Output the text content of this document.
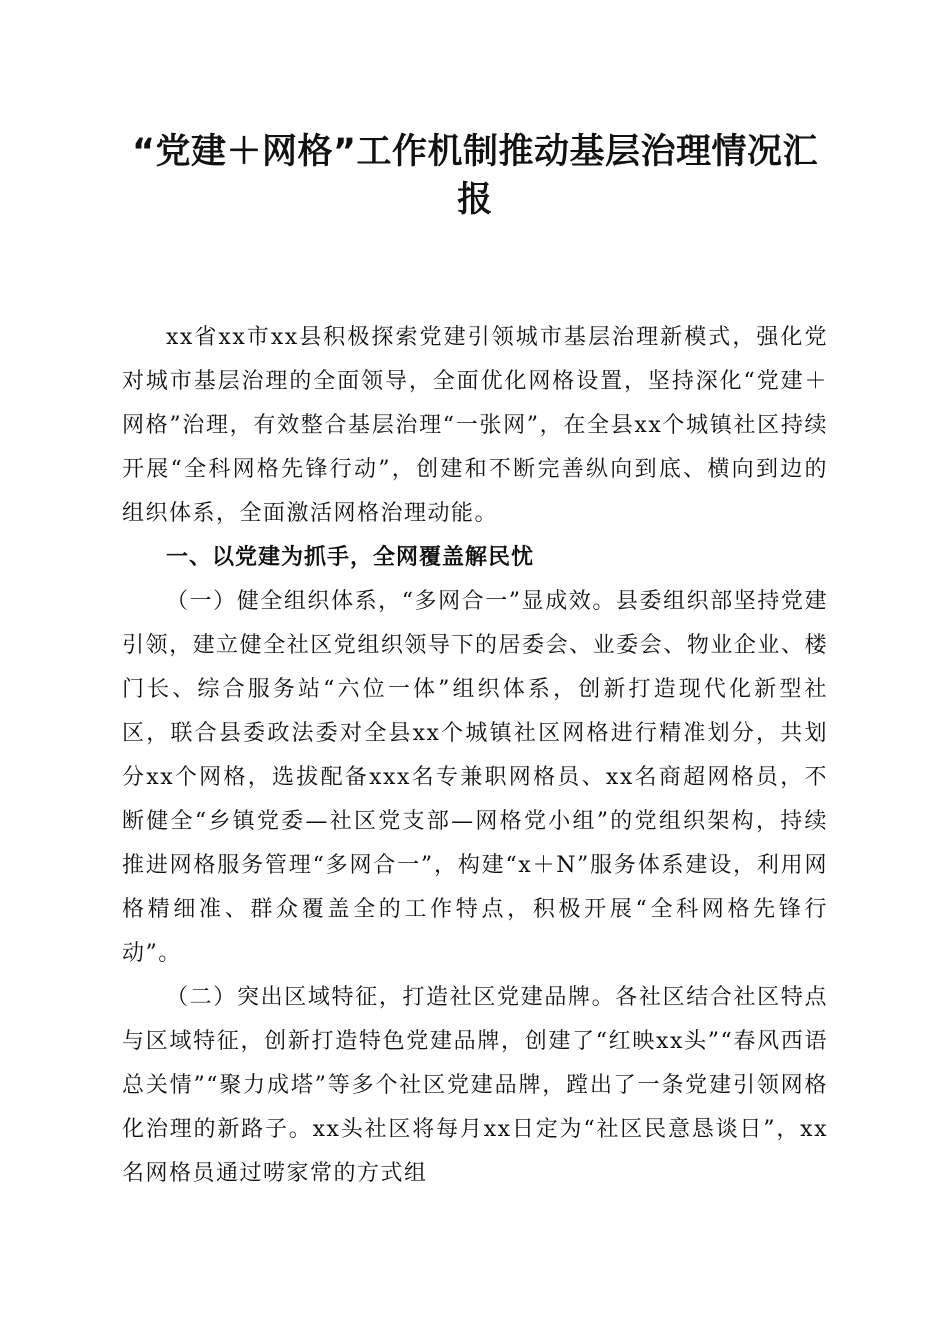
“党建＋网格”工作机制推动基层治理情况汇报

xx省xx市xx县积极探索党建引领城市基层治理新模式，强化党对城市基层治理的全面领导，全面优化网格设置，坚持深化“党建＋网格”治理，有效整合基层治理“一张网”，在全县xx个城镇社区持续开展“全科网格先锋行动”，创建和不断完善纵向到底、横向到边的组织体系，全面激活网格治理动能。

一、以党建为抓手，全网覆盖解民忧

（一）健全组织体系，“多网合一”显成效。县委组织部坚持党建引领，建立健全社区党组织领导下的居委会、业委会、物业企业、楼门长、综合服务站“六位一体”组织体系，创新打造现代化新型社区，联合县委政法委对全县xx个城镇社区网格进行精准划分，共划分xx个网格，选拔配备xxx名专兼职网格员、xx名商超网格员，不断健全“乡镇党委—社区党支部—网格党小组”的党组织架构，持续推进网格服务管理“多网合一”，构建“x＋N”服务体系建设，利用网格精细准、群众覆盖全的工作特点，积极开展“全科网格先锋行动”。

（二）突出区域特征，打造社区党建品牌。各社区结合社区特点与区域特征，创新打造特色党建品牌，创建了“红映xx头”“春风西语总关情”“聚力成塔”等多个社区党建品牌，蹚出了一条党建引领网格化治理的新路子。xx头社区将每月xx日定为“社区民意恳谈日”，xx名网格员通过唠家常的方式组
